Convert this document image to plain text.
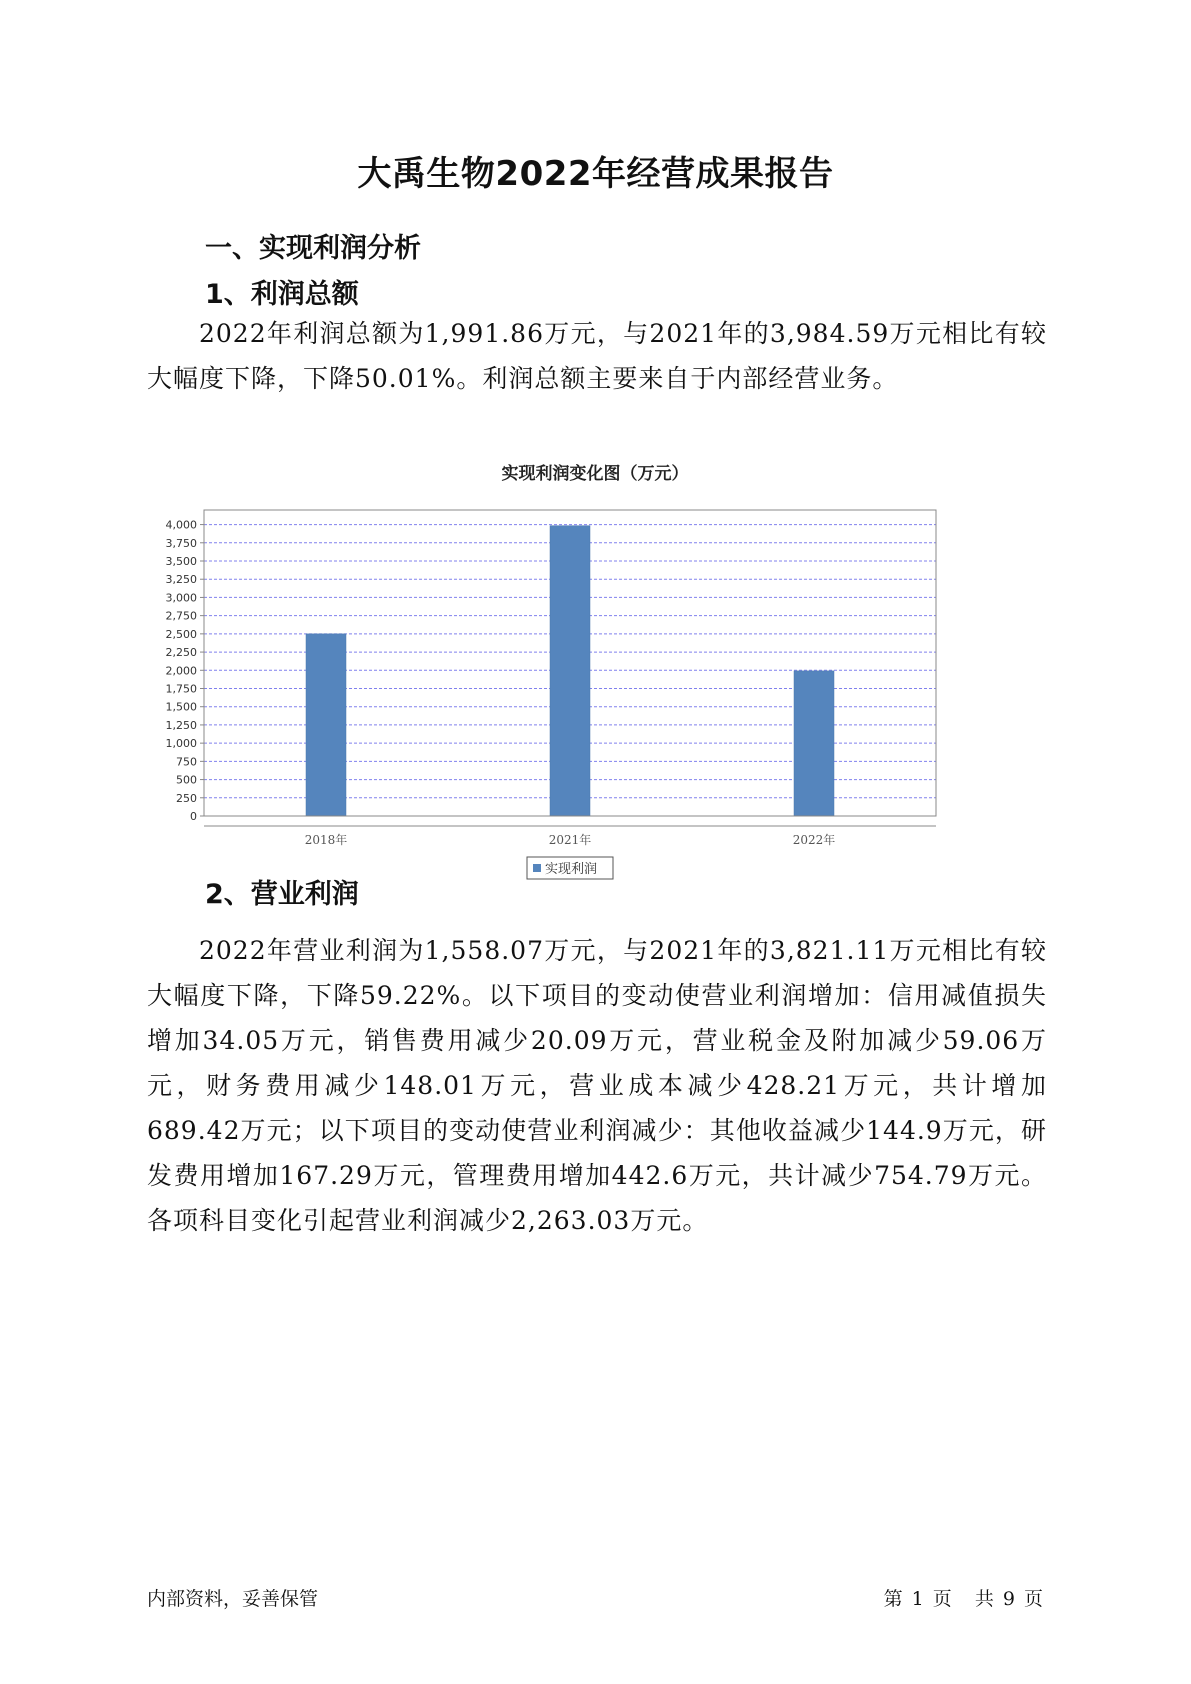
大禹生物2022年经营成果报告
一、实现利润分析
1、利润总额

2022年利润总额为1,991.86万元，与2021年的3,984.59万元相比有较大幅度下降，下降50.01%。利润总额主要来自于内部经营业务。

实现利润变化图（万元）
0
250
500
750
1,000
1,250
1,500
1,750
2,000
2,250
2,500
2,750
3,000
3,250
3,500
3,750
4,000
2018年	2021年	2022年
实现利润
2、营业利润

2022年营业利润为1,558.07万元，与2021年的3,821.11万元相比有较大幅度下降，下降59.22%。以下项目的变动使营业利润增加：信用减值损失增加34.05万元，销售费用减少20.09万元，营业税金及附加减少59.06万元，财务费用减少148.01万元，营业成本减少428.21万元，共计增加689.42万元；以下项目的变动使营业利润减少：其他收益减少144.9万元，研发费用增加167.29万元，管理费用增加442.6万元，共计减少754.79万元。各项科目变化引起营业利润减少2,263.03万元。

内部资料，妥善保管	第 1 页 共 9 页
